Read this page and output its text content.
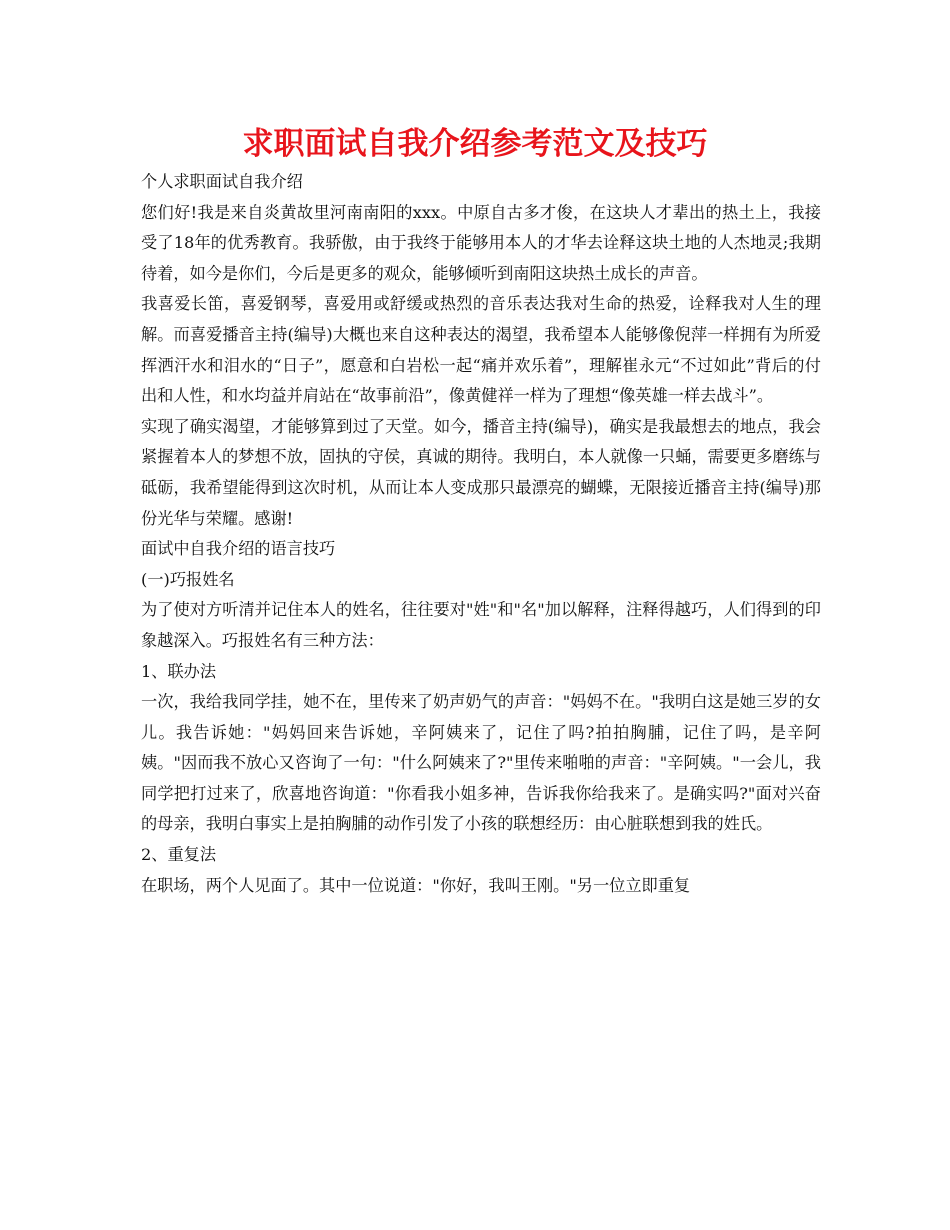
求职面试自我介绍参考范文及技巧

个人求职面试自我介绍

您们好!我是来自炎黄故里河南南阳的xxx。中原自古多才俊，在这块人才辈出的热土上，我接受了18年的优秀教育。我骄傲，由于我终于能够用本人的才华去诠释这块土地的人杰地灵;我期待着，如今是你们，今后是更多的观众，能够倾听到南阳这块热土成长的声音。

我喜爱长笛，喜爱钢琴，喜爱用或舒缓或热烈的音乐表达我对生命的热爱，诠释我对人生的理解。而喜爱播音主持(编导)大概也来自这种表达的渴望，我希望本人能够像倪萍一样拥有为所爱挥洒汗水和泪水的“日子”，愿意和白岩松一起“痛并欢乐着”，理解崔永元“不过如此”背后的付出和人性，和水均益并肩站在“故事前沿”，像黄健祥一样为了理想“像英雄一样去战斗”。

实现了确实渴望，才能够算到过了天堂。如今，播音主持(编导)，确实是我最想去的地点，我会紧握着本人的梦想不放，固执的守侯，真诚的期待。我明白，本人就像一只蛹，需要更多磨练与砥砺，我希望能得到这次时机，从而让本人变成那只最漂亮的蝴蝶，无限接近播音主持(编导)那份光华与荣耀。感谢!

面试中自我介绍的语言技巧

(一)巧报姓名

为了使对方听清并记住本人的姓名，往往要对"姓"和"名"加以解释，注释得越巧，人们得到的印象越深入。巧报姓名有三种方法：

1、联办法

一次，我给我同学挂，她不在，里传来了奶声奶气的声音："妈妈不在。"我明白这是她三岁的女儿。我告诉她："妈妈回来告诉她，辛阿姨来了，记住了吗?拍拍胸脯，记住了吗，是辛阿姨。"因而我不放心又咨询了一句："什么阿姨来了?"里传来啪啪的声音："辛阿姨。"一会儿，我同学把打过来了，欣喜地咨询道："你看我小姐多神，告诉我你给我来了。是确实吗?"面对兴奋的母亲，我明白事实上是拍胸脯的动作引发了小孩的联想经历：由心脏联想到我的姓氏。

2、重复法

在职场，两个人见面了。其中一位说道："你好，我叫王刚。"另一位立即重复
